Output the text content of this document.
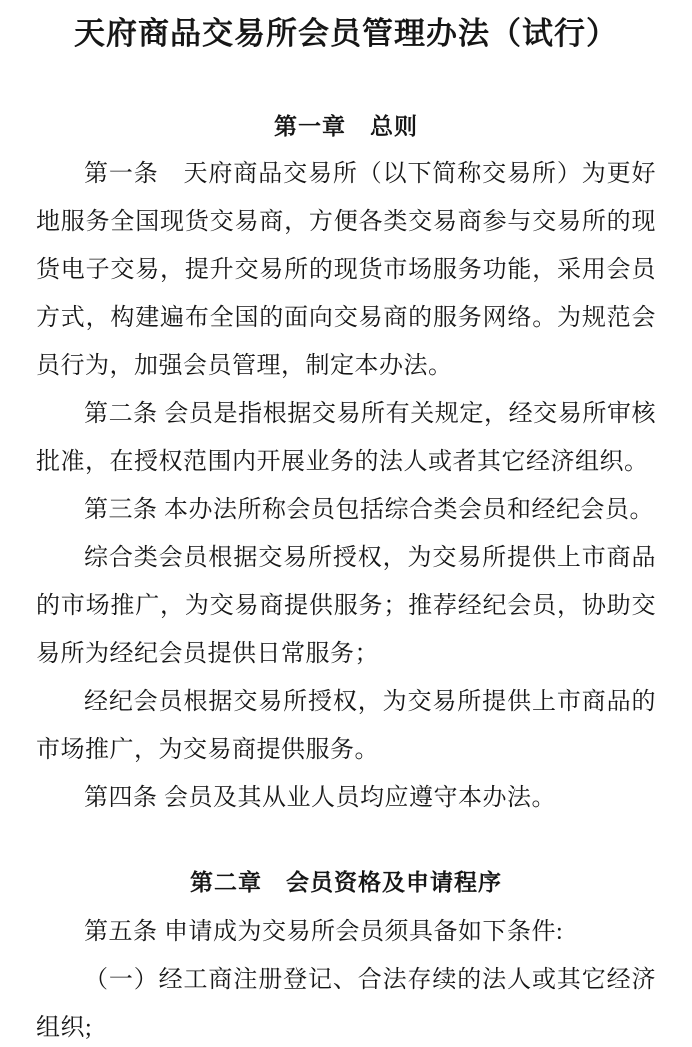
天府商品交易所会员管理办法（试行）
第一章　总则

第一条　天府商品交易所（以下简称交易所）为更好地服务全国现货交易商，方便各类交易商参与交易所的现货电子交易，提升交易所的现货市场服务功能，采用会员方式，构建遍布全国的面向交易商的服务网络。为规范会员行为，加强会员管理，制定本办法。

第二条 会员是指根据交易所有关规定，经交易所审核批准，在授权范围内开展业务的法人或者其它经济组织。

第三条 本办法所称会员包括综合类会员和经纪会员。

综合类会员根据交易所授权，为交易所提供上市商品的市场推广，为交易商提供服务；推荐经纪会员，协助交易所为经纪会员提供日常服务；

经纪会员根据交易所授权，为交易所提供上市商品的市场推广，为交易商提供服务。

第四条 会员及其从业人员均应遵守本办法。

第二章　会员资格及申请程序

第五条 申请成为交易所会员须具备如下条件:

（一）经工商注册登记、合法存续的法人或其它经济组织;
